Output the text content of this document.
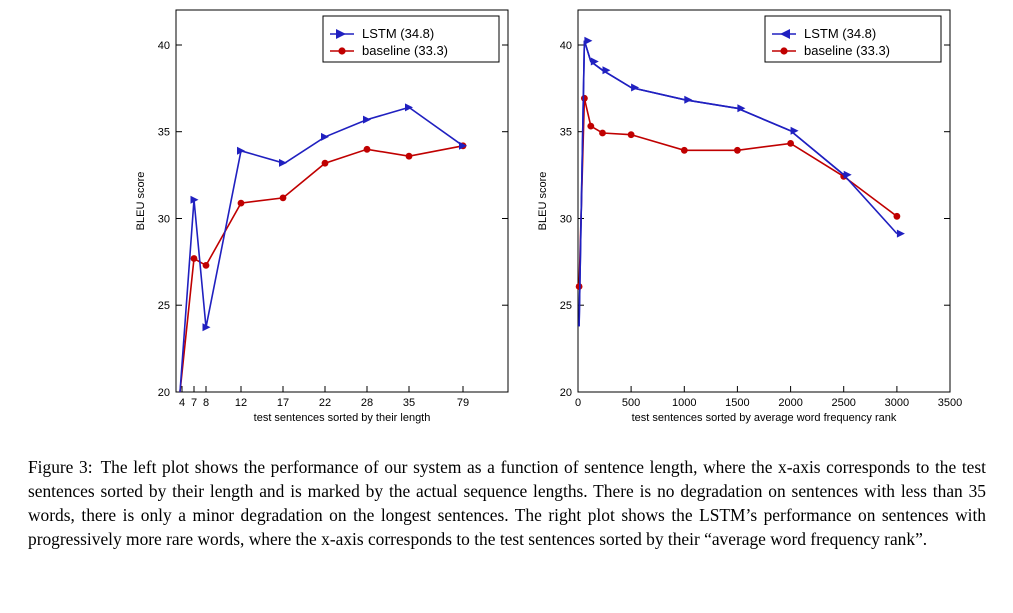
20
25
30
35
40
4 7 8 12	17	22	28	35	79
test sentences sorted by their length
BLEU score
LSTM (34.8)
baseline (33.3)
20
25
30
35
40
0	500	1000	1500	2000	2500	3000	3500
test sentences sorted by average word frequency rank
BLEU score
LSTM (34.8)
baseline (33.3)
Figure 3: The left plot shows the performance of our system as a function of sentence length, where the x-axis corresponds to the test sentences sorted by their length and is marked by the actual sequence lengths. There is no degradation on sentences with less than 35 words, there is only a minor degradation on the longest sentences. The right plot shows the LSTM’s performance on sentences with progressively more rare words, where the x-axis corresponds to the test sentences sorted by their “average word frequency rank”.
